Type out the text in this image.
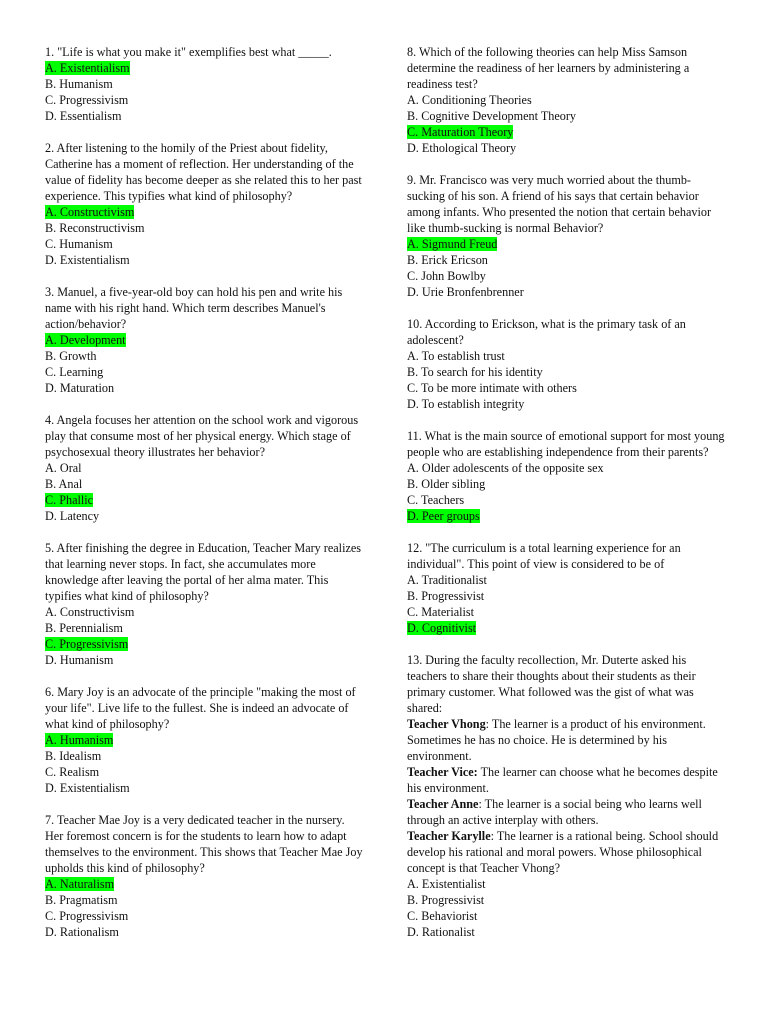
1. "Life is what you make it" exemplifies best what _____.
A. Existentialism
B. Humanism
C. Progressivism
D. Essentialism
2. After listening to the homily of the Priest about fidelity, Catherine has a moment of reflection. Her understanding of the value of fidelity has become deeper as she related this to her past experience. This typifies what kind of philosophy?
A. Constructivism
B. Reconstructivism
C. Humanism
D. Existentialism
3. Manuel, a five-year-old boy can hold his pen and write his name with his right hand. Which term describes Manuel's action/behavior?
A. Development
B. Growth
C. Learning
D. Maturation
4. Angela focuses her attention on the school work and vigorous play that consume most of her physical energy. Which stage of psychosexual theory illustrates her behavior?
A. Oral
B. Anal
C. Phallic
D. Latency
5. After finishing the degree in Education, Teacher Mary realizes that learning never stops. In fact, she accumulates more knowledge after leaving the portal of her alma mater. This typifies what kind of philosophy?
A. Constructivism
B. Perennialism
C. Progressivism
D. Humanism
6. Mary Joy is an advocate of the principle "making the most of your life". Live life to the fullest. She is indeed an advocate of what kind of philosophy?
A. Humanism
B. Idealism
C. Realism
D. Existentialism
7. Teacher Mae Joy is a very dedicated teacher in the nursery. Her foremost concern is for the students to learn how to adapt themselves to the environment. This shows that Teacher Mae Joy upholds this kind of philosophy?
A. Naturalism
B. Pragmatism
C. Progressivism
D. Rationalism
8. Which of the following theories can help Miss Samson determine the readiness of her learners by administering a readiness test?
A. Conditioning Theories
B. Cognitive Development Theory
C. Maturation Theory
D. Ethological Theory
9. Mr. Francisco was very much worried about the thumb-sucking of his son. A friend of his says that certain behavior among infants. Who presented the notion that certain behavior like thumb-sucking is normal Behavior?
A. Sigmund Freud
B. Erick Ericson
C. John Bowlby
D. Urie Bronfenbrenner
10. According to Erickson, what is the primary task of an adolescent?
A. To establish trust
B. To search for his identity
C. To be more intimate with others
D. To establish integrity
11. What is the main source of emotional support for most young people who are establishing independence from their parents?
A. Older adolescents of the opposite sex
B. Older sibling
C. Teachers
D. Peer groups
12. "The curriculum is a total learning experience for an individual". This point of view is considered to be of
A. Traditionalist
B. Progressivist
C. Materialist
D. Cognitivist
13. During the faculty recollection, Mr. Duterte asked his teachers to share their thoughts about their students as their primary customer. What followed was the gist of what was shared:
Teacher Vhong: The learner is a product of his environment. Sometimes he has no choice. He is determined by his environment.
Teacher Vice: The learner can choose what he becomes despite his environment.
Teacher Anne: The learner is a social being who learns well through an active interplay with others.
Teacher Karylle: The learner is a rational being. School should develop his rational and moral powers. Whose philosophical concept is that Teacher Vhong?
A. Existentialist
B. Progressivist
C. Behaviorist
D. Rationalist
